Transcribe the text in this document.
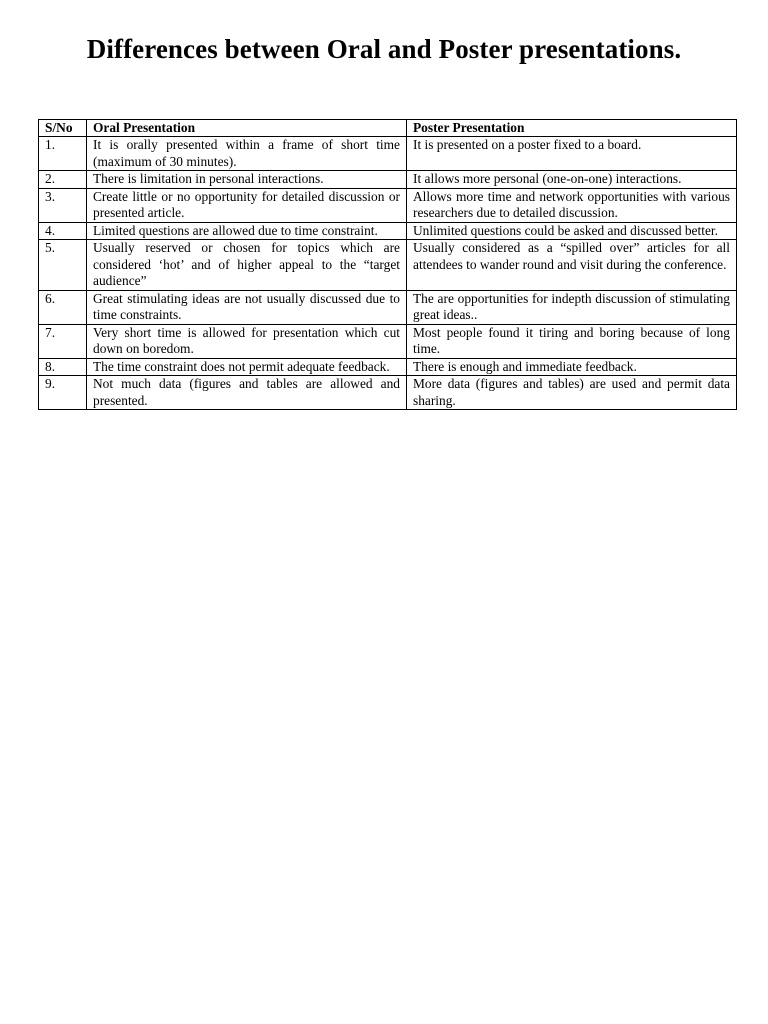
Differences between Oral and Poster presentations.
S/No	Oral Presentation	Poster Presentation
1.	It is orally presented within a frame of short time (maximum of 30 minutes).	It is presented on a poster fixed to a board.
2.	There is limitation in personal interactions.	It allows more personal (one-on-one) interactions.
3.	Create little or no opportunity for detailed discussion or presented article.	Allows more time and network opportunities with various researchers due to detailed discussion.
4.	Limited questions are allowed due to time constraint.	Unlimited questions could be asked and discussed better.
5.	Usually reserved or chosen for topics which are considered ‘hot’ and of higher appeal to the “target audience”	Usually considered as a “spilled over” articles for all attendees to wander round and visit during the conference.
6.	Great stimulating ideas are not usually discussed due to time constraints.	The are opportunities for indepth discussion of stimulating great ideas..
7.	Very short time is allowed for presentation which cut down on boredom.	Most people found it tiring and boring because of long time.
8.	The time constraint does not permit adequate feedback.	There is enough and immediate feedback.
9.	Not much data (figures and tables are allowed and presented.	More data (figures and tables) are used and permit data sharing.
